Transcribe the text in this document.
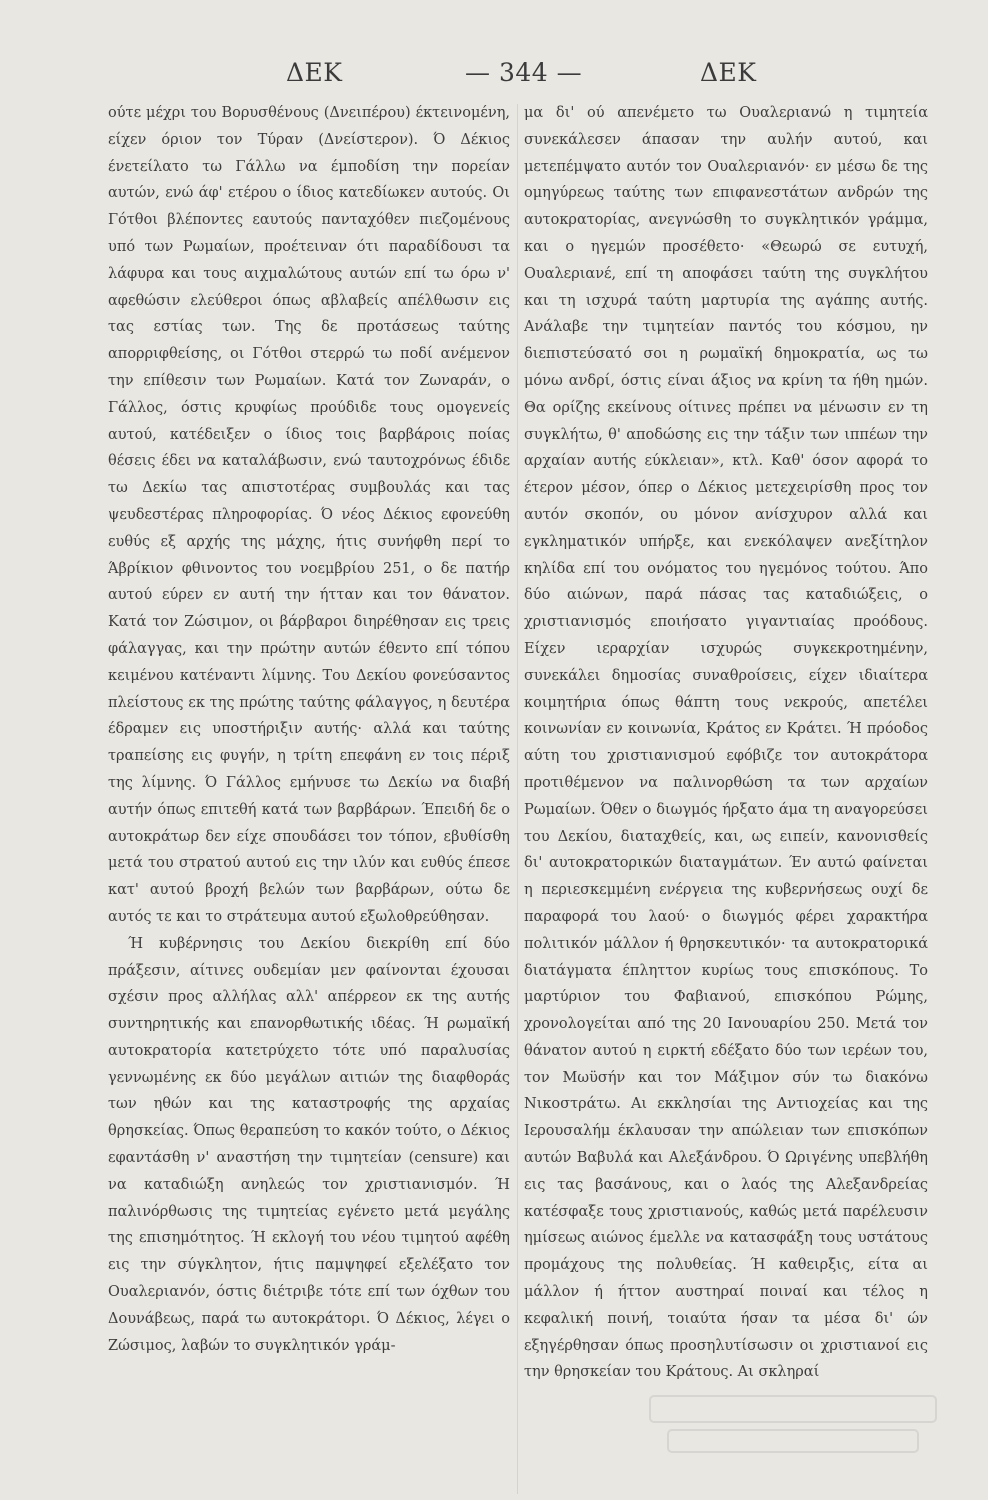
ΔΕΚ	— 344 —	ΔΕΚ

ούτε μέχρι του Βορυσθένους (Δνειπέρου) έκτεινομένη, είχεν όριον τον Τύραν (Δνείστερον). Ό Δέκιος ένετείλατο τω Γάλλω να έμποδίση την πορείαν αυτών, ενώ άφ' ετέρου ο ίδιος κατεδίωκεν αυτούς. Οι Γότθοι βλέποντες εαυτούς πανταχόθεν πιεζομένους υπό των Ρωμαίων, προέτειναν ότι παραδίδουσι τα λάφυρα και τους αιχμαλώτους αυτών επί τω όρω ν' αφεθώσιν ελεύθεροι όπως αβλαβείς απέλθωσιν εις τας εστίας των. Της δε προτάσεως ταύτης απορριφθείσης, οι Γότθοι στερρώ τω ποδί ανέμενον την επίθεσιν των Ρωμαίων. Κατά τον Ζωναράν, ο Γάλλος, όστις κρυφίως προύδιδε τους ομογενείς αυτού, κατέδειξεν ο ίδιος τοις βαρβάροις ποίας θέσεις έδει να καταλάβωσιν, ενώ ταυτοχρόνως έδιδε τω Δεκίω τας απιστοτέρας συμβουλάς και τας ψευδεστέρας πληροφορίας. Ό νέος Δέκιος εφονεύθη ευθύς εξ αρχής της μάχης, ήτις συνήφθη περί το Άβρίκιον φθινοντος του νοεμβρίου 251, ο δε πατήρ αυτού εύρεν εν αυτή την ήτταν και τον θάνατον. Κατά τον Ζώσιμον, οι βάρβαροι διηρέθησαν εις τρεις φάλαγγας, και την πρώτην αυτών έθεντο επί τόπου κειμένου κατέναντι λίμνης. Του Δεκίου φονεύσαντος πλείστους εκ της πρώτης ταύτης φάλαγγος, η δευτέρα έδραμεν εις υποστήριξιν αυτής· αλλά και ταύτης τραπείσης εις φυγήν, η τρίτη επεφάνη εν τοις πέριξ της λίμνης. Ό Γάλλος εμήνυσε τω Δεκίω να διαβή αυτήν όπως επιτεθή κατά των βαρβάρων. Έπειδή δε ο αυτοκράτωρ δεν είχε σπουδάσει τον τόπον, εβυθίσθη μετά του στρατού αυτού εις την ιλύν και ευθύς έπεσε κατ' αυτού βροχή βελών των βαρβάρων, ούτω δε αυτός τε και το στράτευμα αυτού εξωλοθρεύθησαν.

Ή κυβέρνησις του Δεκίου διεκρίθη επί δύο πράξεσιν, αίτινες ουδεμίαν μεν φαίνονται έχουσαι σχέσιν προς αλλήλας αλλ' απέρρεον εκ της αυτής συντηρητικής και επανορθωτικής ιδέας. Ή ρωμαϊκή αυτοκρατορία κατετρύχετο τότε υπό παραλυσίας γεννωμένης εκ δύο μεγάλων αιτιών της διαφθοράς των ηθών και της καταστροφής της αρχαίας θρησκείας. Όπως θεραπεύση το κακόν τούτο, ο Δέκιος εφαντάσθη ν' αναστήση την τιμητείαν (censure) και να καταδιώξη ανηλεώς τον χριστιανισμόν. Ή παλινόρθωσις της τιμητείας εγένετο μετά μεγάλης της επισημότητος. Ή εκλογή του νέου τιμητού αφέθη εις την σύγκλητον, ήτις παμψηφεί εξελέξατο τον Ουαλεριανόν, όστις διέτριβε τότε επί των όχθων του Δουνάβεως, παρά τω αυτοκράτορι. Ό Δέκιος, λέγει ο Ζώσιμος, λαβών το συγκλητικόν γράμ-

μα δι' ού απενέμετο τω Ουαλεριανώ η τιμητεία συνεκάλεσεν άπασαν την αυλήν αυτού, και μετεπέμψατο αυτόν τον Ουαλεριανόν· εν μέσω δε της ομηγύρεως ταύτης των επιφανεστάτων ανδρών της αυτοκρατορίας, ανεγνώσθη το συγκλητικόν γράμμα, και ο ηγεμών προσέθετο· «Θεωρώ σε ευτυχή, Ουαλεριανέ, επί τη αποφάσει ταύτη της συγκλήτου και τη ισχυρά ταύτη μαρτυρία της αγάπης αυτής. Ανάλαβε την τιμητείαν παντός του κόσμου, ην διεπιστεύσατό σοι η ρωμαϊκή δημοκρατία, ως τω μόνω ανδρί, όστις είναι άξιος να κρίνη τα ήθη ημών. Θα ορίζης εκείνους οίτινες πρέπει να μένωσιν εν τη συγκλήτω, θ' αποδώσης εις την τάξιν των ιππέων την αρχαίαν αυτής εύκλειαν», κτλ. Καθ' όσον αφορά το έτερον μέσον, όπερ ο Δέκιος μετεχειρίσθη προς τον αυτόν σκοπόν, ου μόνον ανίσχυρον αλλά και εγκληματικόν υπήρξε, και ενεκόλαψεν ανεξίτηλον κηλίδα επί του ονόματος του ηγεμόνος τούτου. Άπο δύο αιώνων, παρά πάσας τας καταδιώξεις, ο χριστιανισμός εποιήσατο γιγαντιαίας προόδους. Είχεν ιεραρχίαν ισχυρώς συγκεκροτημένην, συνεκάλει δημοσίας συναθροίσεις, είχεν ιδιαίτερα κοιμητήρια όπως θάπτη τους νεκρούς, απετέλει κοινωνίαν εν κοινωνία, Κράτος εν Κράτει. Ή πρόοδος αύτη του χριστιανισμού εφόβιζε τον αυτοκράτορα προτιθέμενον να παλινορθώση τα των αρχαίων Ρωμαίων. Όθεν ο διωγμός ήρξατο άμα τη αναγορεύσει του Δεκίου, διαταχθείς, και, ως ειπείν, κανονισθείς δι' αυτοκρατορικών διαταγμάτων. Έν αυτώ φαίνεται η περιεσκεμμένη ενέργεια της κυβερνήσεως ουχί δε παραφορά του λαού· ο διωγμός φέρει χαρακτήρα πολιτικόν μάλλον ή θρησκευτικόν· τα αυτοκρατορικά διατάγματα έπληττον κυρίως τους επισκόπους. Το μαρτύριον του Φαβιανού, επισκόπου Ρώμης, χρονολογείται από της 20 Ιανουαρίου 250. Μετά τον θάνατον αυτού η ειρκτή εδέξατο δύο των ιερέων του, τον Μωϋσήν και τον Μάξιμον σύν τω διακόνω Νικοστράτω. Αι εκκλησίαι της Αντιοχείας και της Ιερουσαλήμ έκλαυσαν την απώλειαν των επισκόπων αυτών Βαβυλά και Αλεξάνδρου. Ό Ωριγένης υπεβλήθη εις τας βασάνους, και ο λαός της Αλεξανδρείας κατέσφαξε τους χριστιανούς, καθώς μετά παρέλευσιν ημίσεως αιώνος έμελλε να κατασφάξη τους υστάτους προμάχους της πολυθείας. Ή καθειρξις, είτα αι μάλλον ή ήττον αυστηραί ποιναί και τέλος η κεφαλική ποινή, τοιαύτα ήσαν τα μέσα δι' ών εξηγέρθησαν όπως προσηλυτίσωσιν οι χριστιανοί εις την θρησκείαν του Κράτους. Αι σκληραί
